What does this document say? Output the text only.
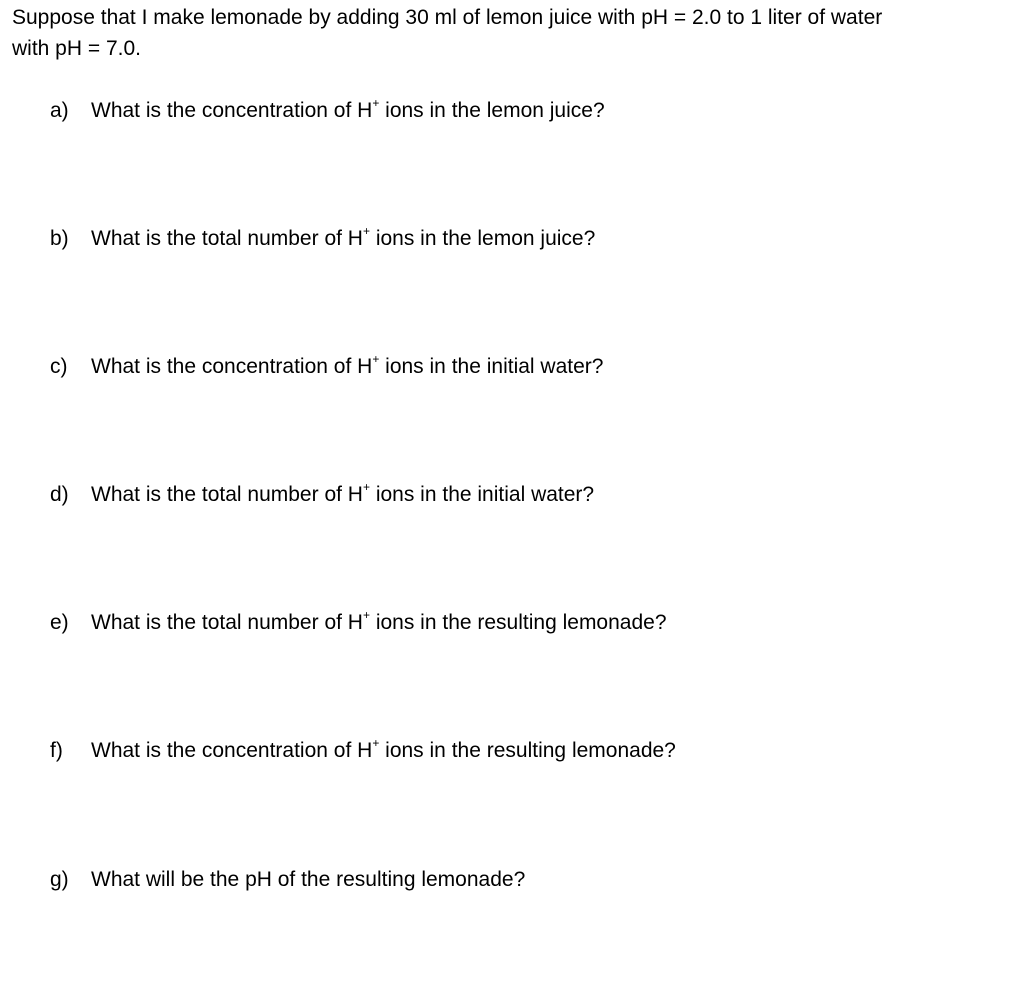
Suppose that I make lemonade by adding 30 ml of lemon juice with pH = 2.0 to 1 liter of water
with pH = 7.0.
a) What is the concentration of H+ ions in the lemon juice?
b) What is the total number of H+ ions in the lemon juice?
c) What is the concentration of H+ ions in the initial water?
d) What is the total number of H+ ions in the initial water?
e) What is the total number of H+ ions in the resulting lemonade?
f) What is the concentration of H+ ions in the resulting lemonade?
g) What will be the pH of the resulting lemonade?
